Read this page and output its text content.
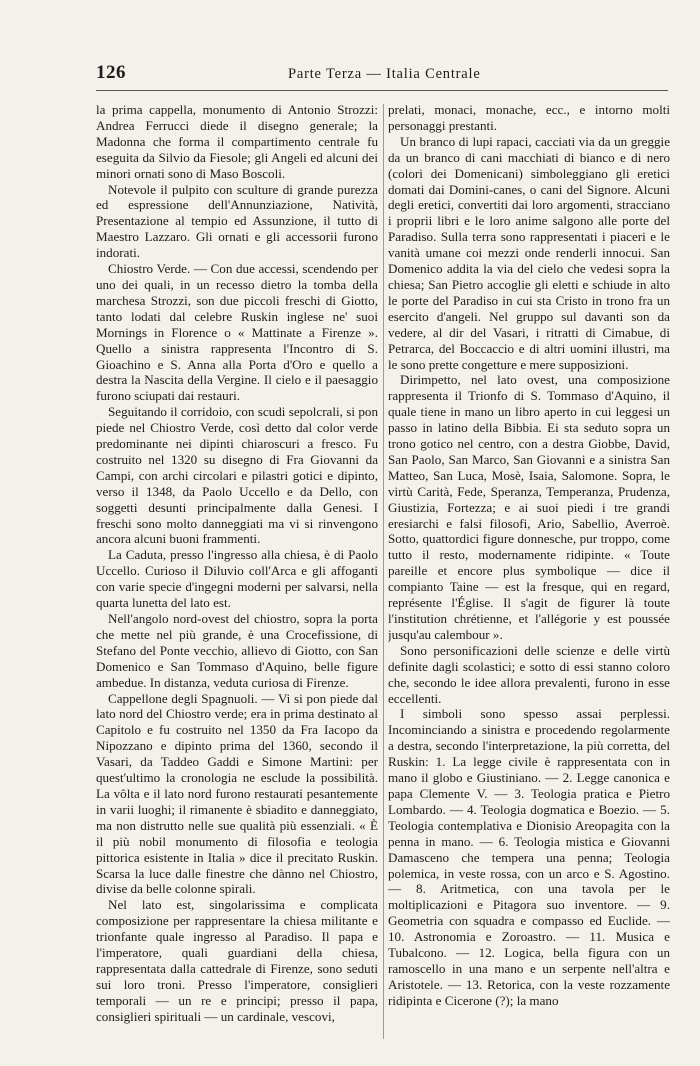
126	Parte Terza — Italia Centrale

la prima cappella, monumento di Antonio Strozzi: Andrea Ferrucci diede il disegno generale; la Madonna che forma il compartimento centrale fu eseguita da Silvio da Fiesole; gli Angeli ed alcuni dei minori ornati sono di Maso Boscoli.

Notevole il pulpito con sculture di grande purezza ed espressione dell'Annunziazione, Natività, Presentazione al tempio ed Assunzione, il tutto di Maestro Lazzaro. Gli ornati e gli accessorii furono indorati.

Chiostro Verde. — Con due accessi, scendendo per uno dei quali, in un recesso dietro la tomba della marchesa Strozzi, son due piccoli freschi di Giotto, tanto lodati dal celebre Ruskin inglese ne' suoi Mornings in Florence o « Mattinate a Firenze ». Quello a sinistra rappresenta l'Incontro di S. Gioachino e S. Anna alla Porta d'Oro e quello a destra la Nascita della Vergine. Il cielo e il paesaggio furono sciupati dai restauri.

Seguitando il corridoio, con scudi sepolcrali, si pon piede nel Chiostro Verde, così detto dal color verde predominante nei dipinti chiaroscuri a fresco. Fu costruito nel 1320 su disegno di Fra Giovanni da Campi, con archi circolari e pilastri gotici e dipinto, verso il 1348, da Paolo Uccello e da Dello, con soggetti desunti principalmente dalla Genesi. I freschi sono molto danneggiati ma vi si rinvengono ancora alcuni buoni frammenti.

La Caduta, presso l'ingresso alla chiesa, è di Paolo Uccello. Curioso il Diluvio coll'Arca e gli affoganti con varie specie d'ingegni moderni per salvarsi, nella quarta lunetta del lato est.

Nell'angolo nord-ovest del chiostro, sopra la porta che mette nel più grande, è una Crocefissione, di Stefano del Ponte vecchio, allievo di Giotto, con San Domenico e San Tommaso d'Aquino, belle figure ambedue. In distanza, veduta curiosa di Firenze.

Cappellone degli Spagnuoli. — Vi si pon piede dal lato nord del Chiostro verde; era in prima destinato al Capitolo e fu costruito nel 1350 da Fra Iacopo da Nipozzano e dipinto prima del 1360, secondo il Vasari, da Taddeo Gaddi e Simone Martini: per quest'ultimo la cronologia ne esclude la possibilità. La vôlta e il lato nord furono restaurati pesantemente in varii luoghi; il rimanente è sbiadito e danneggiato, ma non distrutto nelle sue qualità più essenziali. « È il più nobil monumento di filosofia e teologia pittorica esistente in Italia » dice il precitato Ruskin. Scarsa la luce dalle finestre che dànno nel Chiostro, divise da belle colonne spirali.

Nel lato est, singolarissima e complicata composizione per rappresentare la chiesa militante e trionfante quale ingresso al Paradiso. Il papa e l'imperatore, quali guardiani della chiesa, rappresentata dalla cattedrale di Firenze, sono seduti sui loro troni. Presso l'imperatore, consiglieri temporali — un re e principi; presso il papa, consiglieri spirituali — un cardinale, vescovi,

prelati, monaci, monache, ecc., e intorno molti personaggi prestanti.

Un branco di lupi rapaci, cacciati via da un greggie da un branco di cani macchiati di bianco e di nero (colori dei Domenicani) simboleggiano gli eretici domati dai Domini-canes, o cani del Signore. Alcuni degli eretici, convertiti dai loro argomenti, stracciano i proprii libri e le loro anime salgono alle porte del Paradiso. Sulla terra sono rappresentati i piaceri e le vanità umane coi mezzi onde renderli innocui. San Domenico addita la via del cielo che vedesi sopra la chiesa; San Pietro accoglie gli eletti e schiude in alto le porte del Paradiso in cui sta Cristo in trono fra un esercito d'angeli. Nel gruppo sul davanti son da vedere, al dir del Vasari, i ritratti di Cimabue, di Petrarca, del Boccaccio e di altri uomini illustri, ma le sono prette congetture e mere supposizioni.

Dirimpetto, nel lato ovest, una composizione rappresenta il Trionfo di S. Tommaso d'Aquino, il quale tiene in mano un libro aperto in cui leggesi un passo in latino della Bibbia. Ei sta seduto sopra un trono gotico nel centro, con a destra Giobbe, David, San Paolo, San Marco, San Giovanni e a sinistra San Matteo, San Luca, Mosè, Isaia, Salomone. Sopra, le virtù Carità, Fede, Speranza, Temperanza, Prudenza, Giustizia, Fortezza; e ai suoi piedi i tre grandi eresiarchi e falsi filosofi, Ario, Sabellio, Averroè. Sotto, quattordici figure donnesche, pur troppo, come tutto il resto, modernamente ridipinte. « Toute pareille et encore plus symbolique — dice il compianto Taine — est la fresque, qui en regard, représente l'Église. Il s'agit de figurer là toute l'institution chrétienne, et l'allégorie y est poussée jusqu'au calembour ».

Sono personificazioni delle scienze e delle virtù definite dagli scolastici; e sotto di essi stanno coloro che, secondo le idee allora prevalenti, furono in esse eccellenti.

I simboli sono spesso assai perplessi. Incominciando a sinistra e procedendo regolarmente a destra, secondo l'interpretazione, la più corretta, del Ruskin: 1. La legge civile è rappresentata con in mano il globo e Giustiniano. — 2. Legge canonica e papa Clemente V. — 3. Teologia pratica e Pietro Lombardo. — 4. Teologia dogmatica e Boezio. — 5. Teologia contemplativa e Dionisio Areopagita con la penna in mano. — 6. Teologia mistica e Giovanni Damasceno che tempera una penna; Teologia polemica, in veste rossa, con un arco e S. Agostino. — 8. Aritmetica, con una tavola per le moltiplicazioni e Pitagora suo inventore. — 9. Geometria con squadra e compasso ed Euclide. — 10. Astronomia e Zoroastro. — 11. Musica e Tubalcono. — 12. Logica, bella figura con un ramoscello in una mano e un serpente nell'altra e Aristotele. — 13. Retorica, con la veste rozzamente ridipinta e Cicerone (?); la mano
